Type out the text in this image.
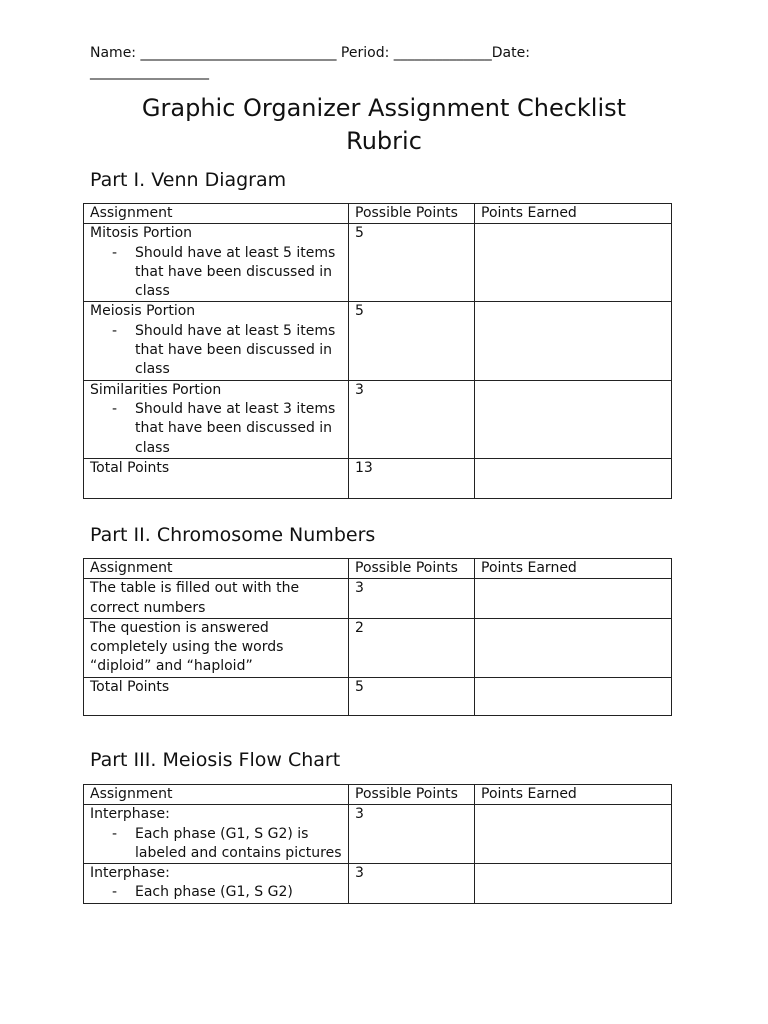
Name: ____________________________ Period: ______________Date:
_________________
Graphic Organizer Assignment Checklist
Rubric
Part I. Venn Diagram
Assignment	Possible Points	Points Earned

Mitosis Portion
- Should have at least 5 items that have been discussed in class	5	

Meiosis Portion
- Should have at least 5 items that have been discussed in class	5	

Similarities Portion
- Should have at least 3 items that have been discussed in class	3	
Total Points	13	
Part II. Chromosome Numbers
Assignment	Possible Points	Points Earned
The table is filled out with the correct numbers	3	
The question is answered completely using the words “diploid” and “haploid”	2	
Total Points	5	
Part III. Meiosis Flow Chart
Assignment	Possible Points	Points Earned

Interphase:
- Each phase (G1, S G2) is labeled and contains pictures	3	

Interphase:
- Each phase (G1, S G2)	3	
